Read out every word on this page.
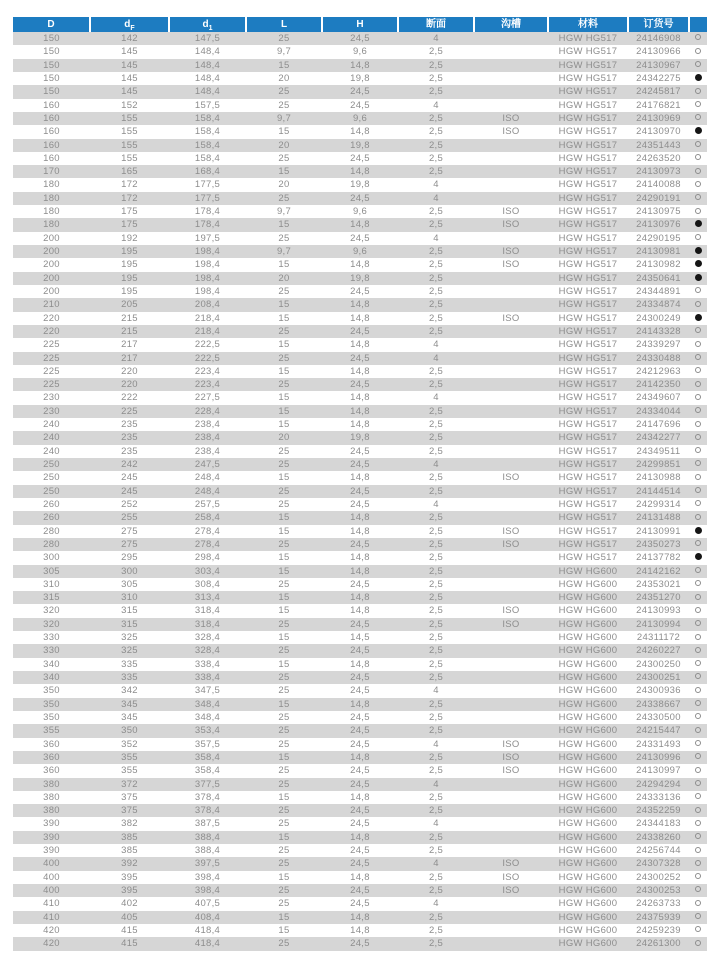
D	$d_F$	$d_1$	L	H	断面	沟槽	材料	订货号	
150	142	147,5	25	24,5	4		HGW HG517	24146908	
150	145	148,4	9,7	9,6	2,5		HGW HG517	24130966	
150	145	148,4	15	14,8	2,5		HGW HG517	24130967	
150	145	148,4	20	19,8	2,5		HGW HG517	24342275	
150	145	148,4	25	24,5	2,5		HGW HG517	24245817	
160	152	157,5	25	24,5	4		HGW HG517	24176821	
160	155	158,4	9,7	9,6	2,5	ISO	HGW HG517	24130969	
160	155	158,4	15	14,8	2,5	ISO	HGW HG517	24130970	
160	155	158,4	20	19,8	2,5		HGW HG517	24351443	
160	155	158,4	25	24,5	2,5		HGW HG517	24263520	
170	165	168,4	15	14,8	2,5		HGW HG517	24130973	
180	172	177,5	20	19,8	4		HGW HG517	24140088	
180	172	177,5	25	24,5	4		HGW HG517	24290191	
180	175	178,4	9,7	9,6	2,5	ISO	HGW HG517	24130975	
180	175	178,4	15	14,8	2,5	ISO	HGW HG517	24130976	
200	192	197,5	25	24,5	4		HGW HG517	24290195	
200	195	198,4	9,7	9,6	2,5	ISO	HGW HG517	24130981	
200	195	198,4	15	14,8	2,5	ISO	HGW HG517	24130982	
200	195	198,4	20	19,8	2,5		HGW HG517	24350641	
200	195	198,4	25	24,5	2,5		HGW HG517	24344891	
210	205	208,4	15	14,8	2,5		HGW HG517	24334874	
220	215	218,4	15	14,8	2,5	ISO	HGW HG517	24300249	
220	215	218,4	25	24,5	2,5		HGW HG517	24143328	
225	217	222,5	15	14,8	4		HGW HG517	24339297	
225	217	222,5	25	24,5	4		HGW HG517	24330488	
225	220	223,4	15	14,8	2,5		HGW HG517	24212963	
225	220	223,4	25	24,5	2,5		HGW HG517	24142350	
230	222	227,5	15	14,8	4		HGW HG517	24349607	
230	225	228,4	15	14,8	2,5		HGW HG517	24334044	
240	235	238,4	15	14,8	2,5		HGW HG517	24147696	
240	235	238,4	20	19,8	2,5		HGW HG517	24342277	
240	235	238,4	25	24,5	2,5		HGW HG517	24349511	
250	242	247,5	25	24,5	4		HGW HG517	24299851	
250	245	248,4	15	14,8	2,5	ISO	HGW HG517	24130988	
250	245	248,4	25	24,5	2,5		HGW HG517	24144514	
260	252	257,5	25	24,5	4		HGW HG517	24299314	
260	255	258,4	15	14,8	2,5		HGW HG517	24131488	
280	275	278,4	15	14,8	2,5	ISO	HGW HG517	24130991	
280	275	278,4	25	24,5	2,5	ISO	HGW HG517	24350273	
300	295	298,4	15	14,8	2,5		HGW HG517	24137782	
305	300	303,4	15	14,8	2,5		HGW HG600	24142162	
310	305	308,4	25	24,5	2,5		HGW HG600	24353021	
315	310	313,4	15	14,8	2,5		HGW HG600	24351270	
320	315	318,4	15	14,8	2,5	ISO	HGW HG600	24130993	
320	315	318,4	25	24,5	2,5	ISO	HGW HG600	24130994	
330	325	328,4	15	14,5	2,5		HGW HG600	24311172	
330	325	328,4	25	24,5	2,5		HGW HG600	24260227	
340	335	338,4	15	14,8	2,5		HGW HG600	24300250	
340	335	338,4	25	24,5	2,5		HGW HG600	24300251	
350	342	347,5	25	24,5	4		HGW HG600	24300936	
350	345	348,4	15	14,8	2,5		HGW HG600	24338667	
350	345	348,4	25	24,5	2,5		HGW HG600	24330500	
355	350	353,4	25	24,5	2,5		HGW HG600	24215447	
360	352	357,5	25	24,5	4	ISO	HGW HG600	24331493	
360	355	358,4	15	14,8	2,5	ISO	HGW HG600	24130996	
360	355	358,4	25	24,5	2,5	ISO	HGW HG600	24130997	
380	372	377,5	25	24,5	4		HGW HG600	24294294	
380	375	378,4	15	14,8	2,5		HGW HG600	24333136	
380	375	378,4	25	24,5	2,5		HGW HG600	24352259	
390	382	387,5	25	24,5	4		HGW HG600	24344183	
390	385	388,4	15	14,8	2,5		HGW HG600	24338260	
390	385	388,4	25	24,5	2,5		HGW HG600	24256744	
400	392	397,5	25	24,5	4	ISO	HGW HG600	24307328	
400	395	398,4	15	14,8	2,5	ISO	HGW HG600	24300252	
400	395	398,4	25	24,5	2,5	ISO	HGW HG600	24300253	
410	402	407,5	25	24,5	4		HGW HG600	24263733	
410	405	408,4	15	14,8	2,5		HGW HG600	24375939	
420	415	418,4	15	14,8	2,5		HGW HG600	24259239	
420	415	418,4	25	24,5	2,5		HGW HG600	24261300	
